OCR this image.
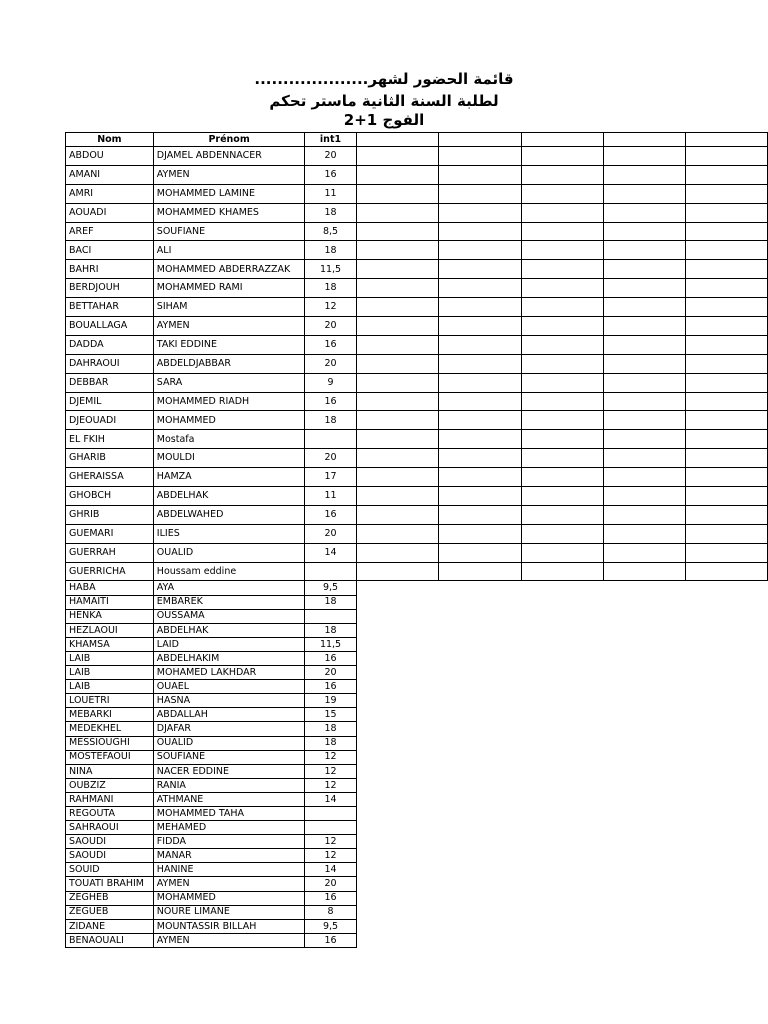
قائمة الحضور لشهر....................
لطلبة السنة الثانية ماستر تحكم
الفوج 1+2
Nom	Prénom	int1					
ABDOU	DJAMEL ABDENNACER	20					
AMANI	AYMEN	16					
AMRI	MOHAMMED LAMINE	11					
AOUADI	MOHAMMED KHAMES	18					
AREF	SOUFIANE	8,5					
BACI	ALI	18					
BAHRI	MOHAMMED ABDERRAZZAK	11,5					
BERDJOUH	MOHAMMED RAMI	18					
BETTAHAR	SIHAM	12					
BOUALLAGA	AYMEN	20					
DADDA	TAKI EDDINE	16					
DAHRAOUI	ABDELDJABBAR	20					
DEBBAR	SARA	9					
DJEMIL	MOHAMMED RIADH	16					
DJEOUADI	MOHAMMED	18					
EL FKIH	Mostafa						
GHARIB	MOULDI	20					
GHERAISSA	HAMZA	17					
GHOBCH	ABDELHAK	11					
GHRIB	ABDELWAHED	16					
GUEMARI	ILIES	20					
GUERRAH	OUALID	14					
GUERRICHA	Houssam eddine						
HABA	AYA	9,5					
HAMAITI	EMBAREK	18					
HENKA	OUSSAMA						
HEZLAOUI	ABDELHAK	18					
KHAMSA	LAID	11,5					
LAIB	ABDELHAKIM	16					
LAIB	MOHAMED LAKHDAR	20					
LAIB	OUAEL	16					
LOUETRI	HASNA	19					
MEBARKI	ABDALLAH	15					
MEDEKHEL	DJAFAR	18					
MESSIOUGHI	OUALID	18					
MOSTEFAOUI	SOUFIANE	12					
NINA	NACER EDDINE	12					
OUBZIZ	RANIA	12					
RAHMANI	ATHMANE	14					
REGOUTA	MOHAMMED TAHA						
SAHRAOUI	MEHAMED						
SAOUDI	FIDDA	12					
SAOUDI	MANAR	12					
SOUID	HANINE	14					
TOUATI BRAHIM	AYMEN	20					
ZEGHEB	MOHAMMED	16					
ZEGUEB	NOURE LIMANE	8					
ZIDANE	MOUNTASSIR BILLAH	9,5					
BENAOUALI	AYMEN	16					
